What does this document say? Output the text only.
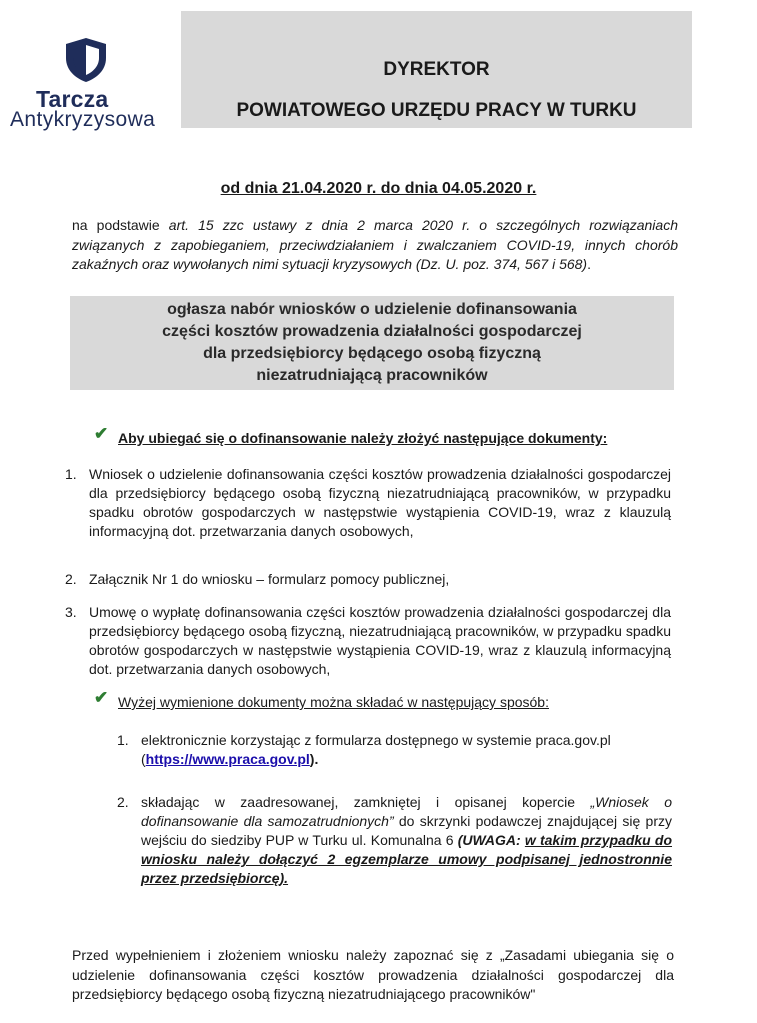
Tarcza
Antykryzysowa
DYREKTOR
POWIATOWEGO URZĘDU PRACY W TURKU
od dnia 21.04.2020 r. do dnia 04.05.2020 r.
na podstawie art. 15 zzc ustawy z dnia 2 marca 2020 r. o szczególnych rozwiązaniach związanych z zapobieganiem, przeciwdziałaniem i zwalczaniem COVID-19, innych chorób zakaźnych oraz wywołanych nimi sytuacji kryzysowych (Dz. U. poz. 374, 567 i 568).
ogłasza nabór wniosków o udzielenie dofinansowania
części kosztów prowadzenia działalności gospodarczej
dla przedsiębiorcy będącego osobą fizyczną
niezatrudniającą pracowników
✔ Aby ubiegać się o dofinansowanie należy złożyć następujące dokumenty:
1. Wniosek o udzielenie dofinansowania części kosztów prowadzenia działalności gospodarczej dla przedsiębiorcy będącego osobą fizyczną niezatrudniającą pracowników, w przypadku spadku obrotów gospodarczych w następstwie wystąpienia COVID-19, wraz z klauzulą informacyjną dot. przetwarzania danych osobowych,
2. Załącznik Nr 1 do wniosku – formularz pomocy publicznej,
3. Umowę o wypłatę dofinansowania części kosztów prowadzenia działalności gospodarczej dla przedsiębiorcy będącego osobą fizyczną, niezatrudniającą pracowników, w przypadku spadku obrotów gospodarczych w następstwie wystąpienia COVID-19, wraz z klauzulą informacyjną dot. przetwarzania danych osobowych,
✔ Wyżej wymienione dokumenty można składać w następujący sposób:
1. elektronicznie korzystając z formularza dostępnego w systemie praca.gov.pl
(https://www.praca.gov.pl).
2. składając w zaadresowanej, zamkniętej i opisanej kopercie „Wniosek o dofinansowanie dla samozatrudnionych” do skrzynki podawczej znajdującej się przy wejściu do siedziby PUP w Turku ul. Komunalna 6 (UWAGA: w takim przypadku do wniosku należy dołączyć 2 egzemplarze umowy podpisanej jednostronnie przez przedsiębiorcę).
Przed wypełnieniem i złożeniem wniosku należy zapoznać się z „Zasadami ubiegania się o udzielenie dofinansowania części kosztów prowadzenia działalności gospodarczej dla przedsiębiorcy będącego osobą fizyczną niezatrudniającego pracowników"
